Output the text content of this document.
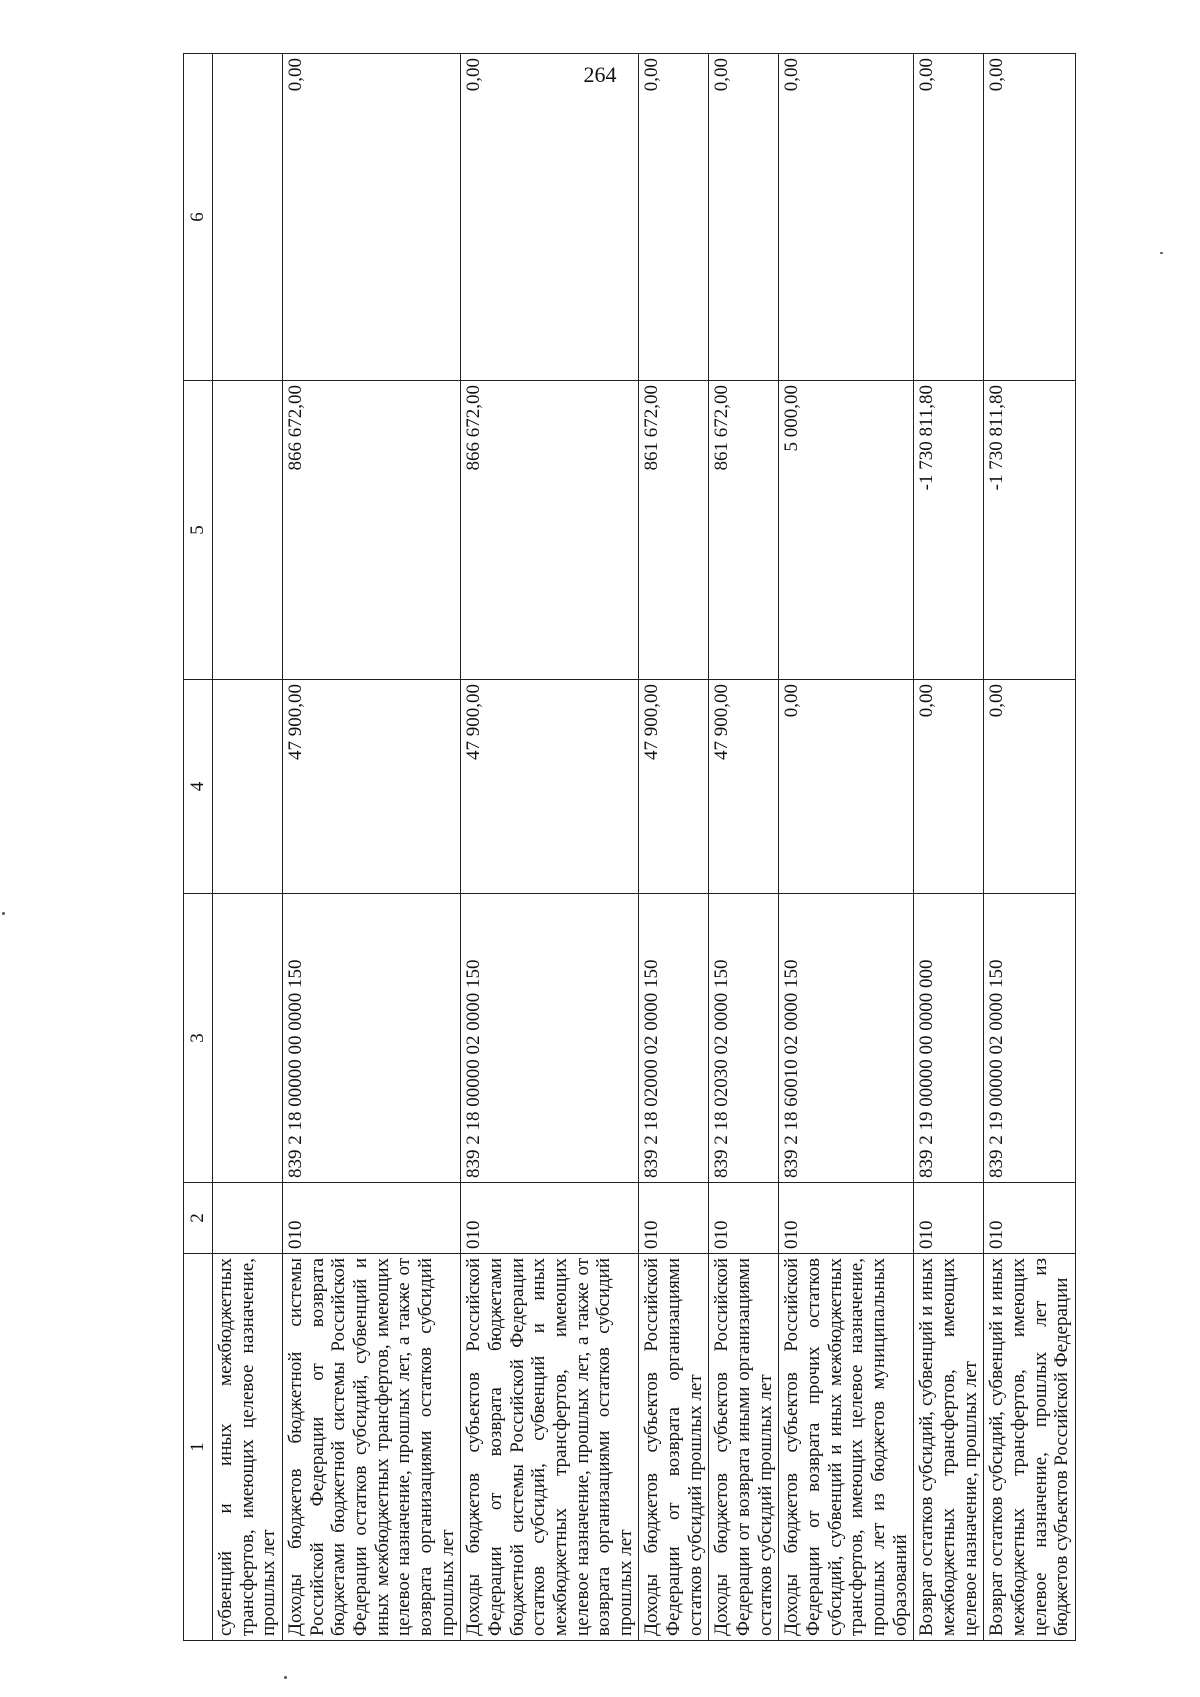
264
1	2	3	4	5	6
субвенций и иных межбюджетных трансфертов, имеющих целевое назначение, прошлых лет					
Доходы бюджетов бюджетной системы Российской Федерации от возврата бюджетами бюджетной системы Российской Федерации остатков субсидий, субвенций и иных межбюджетных трансфертов, имеющих целевое назначение, прошлых лет, а также от возврата организациями остатков субсидий прошлых лет	010	839 2 18 00000 00 0000 150	47 900,00	866 672,00	0,00
Доходы бюджетов субъектов Российской Федерации от возврата бюджетами бюджетной системы Российской Федерации остатков субсидий, субвенций и иных межбюджетных трансфертов, имеющих целевое назначение, прошлых лет, а также от возврата организациями остатков субсидий прошлых лет	010	839 2 18 00000 02 0000 150	47 900,00	866 672,00	0,00
Доходы бюджетов субъектов Российской Федерации от возврата организациями остатков субсидий прошлых лет	010	839 2 18 02000 02 0000 150	47 900,00	861 672,00	0,00
Доходы бюджетов субъектов Российской Федерации от возврата иными организациями остатков субсидий прошлых лет	010	839 2 18 02030 02 0000 150	47 900,00	861 672,00	0,00
Доходы бюджетов субъектов Российской Федерации от возврата прочих остатков субсидий, субвенций и иных межбюджетных трансфертов, имеющих целевое назначение, прошлых лет из бюджетов муниципальных образований	010	839 2 18 60010 02 0000 150	0,00	5 000,00	0,00
Возврат остатков субсидий, субвенций и иных межбюджетных трансфертов, имеющих целевое назначение, прошлых лет	010	839 2 19 00000 00 0000 000	0,00	-1 730 811,80	0,00
Возврат остатков субсидий, субвенций и иных межбюджетных трансфертов, имеющих целевое назначение, прошлых лет из бюджетов субъектов Российской Федерации	010	839 2 19 00000 02 0000 150	0,00	-1 730 811,80	0,00
